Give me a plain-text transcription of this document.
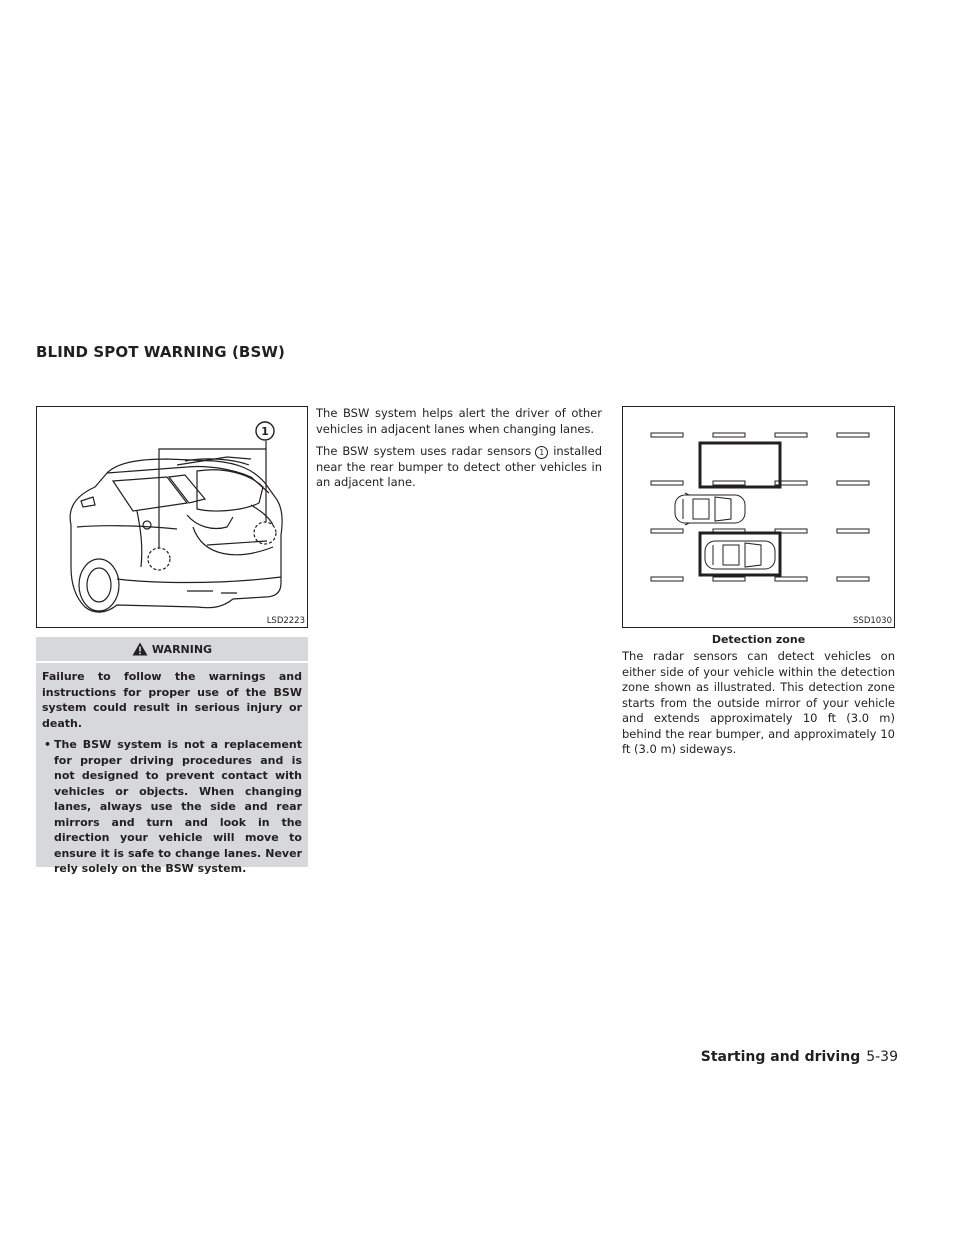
BLIND SPOT WARNING (BSW)
1
LSD2223
WARNING

Failure to follow the warnings and instructions for proper use of the BSW system could result in serious injury or death.

• The BSW system is not a replacement for proper driving procedures and is not designed to prevent contact with vehicles or objects. When changing lanes, always use the side and rear mirrors and turn and look in the direction your vehicle will move to ensure it is safe to change lanes. Never rely solely on the BSW system.

The BSW system helps alert the driver of other vehicles in adjacent lanes when changing lanes.

The BSW system uses radar sensors 1 installed near the rear bumper to detect other vehicles in an adjacent lane.

SSD1030
Detection zone

The radar sensors can detect vehicles on either side of your vehicle within the detection zone shown as illustrated. This detection zone starts from the outside mirror of your vehicle and extends approximately 10 ft (3.0 m) behind the rear bumper, and approximately 10 ft (3.0 m) sideways.

Starting and driving 5-39
